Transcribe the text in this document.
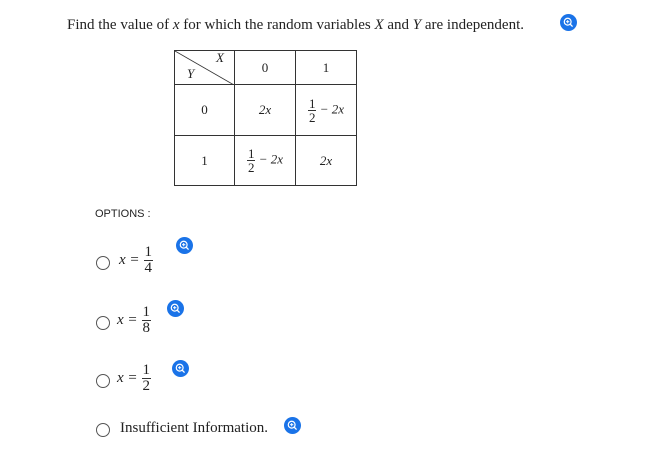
Find the value of x for which the random variables X and Y are independent.
X
Y	0	1
0	2x	$\frac{1}{2} - 2x$
1	$\frac{1}{2} - 2x$	2x
OPTIONS :
$x = \frac{1}{4}$
$x = \frac{1}{8}$
$x = \frac{1}{2}$
Insufficient Information.
